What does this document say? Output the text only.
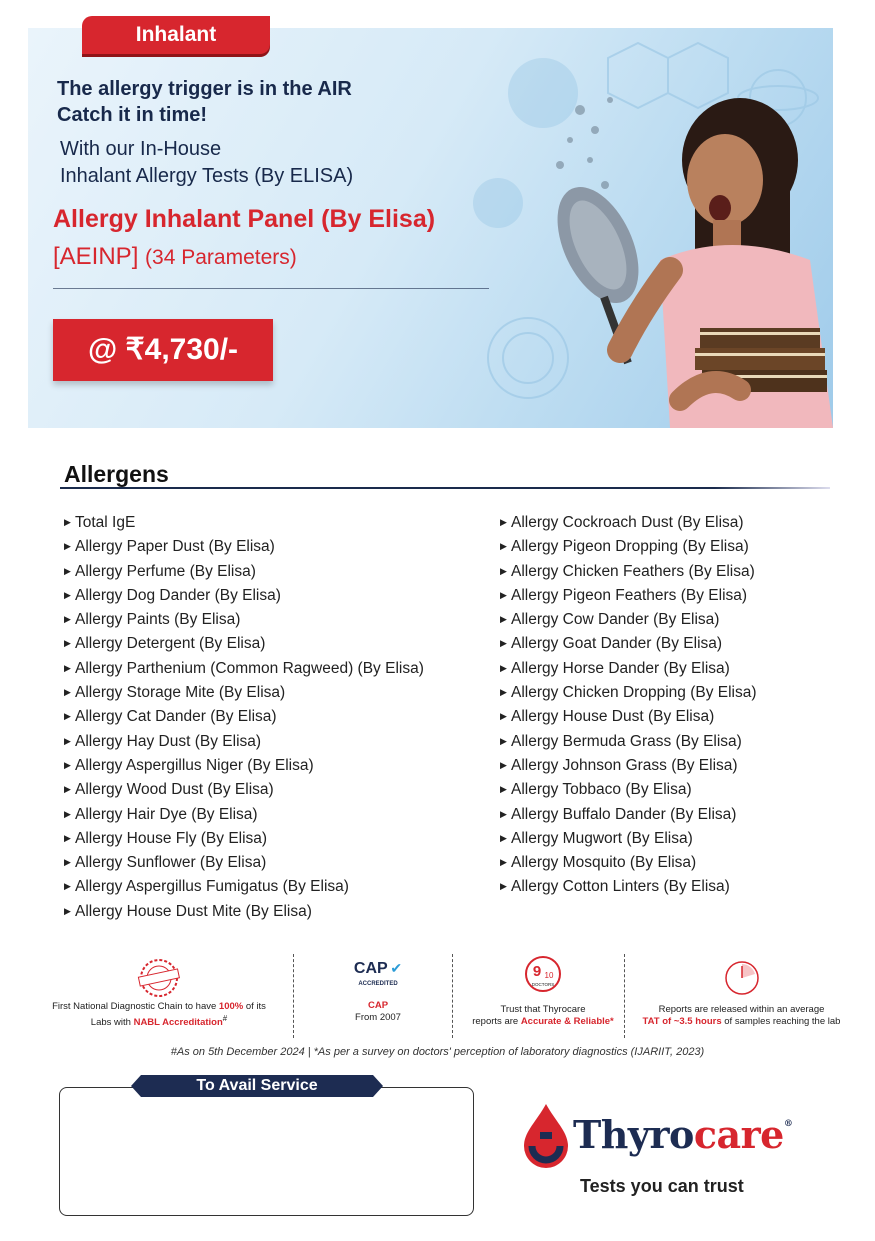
Inhalant
The allergy trigger is in the AIR
Catch it in time!
With our In-House
Inhalant Allergy Tests (By ELISA)
Allergy Inhalant Panel (By Elisa)
[AEINP] (34 Parameters)
@ ₹4,730/-
Allergens
▶ Total IgE
▶ Allergy Paper Dust (By Elisa)
▶ Allergy Perfume (By Elisa)
▶ Allergy Dog Dander (By Elisa)
▶ Allergy Paints (By Elisa)
▶ Allergy Detergent (By Elisa)
▶ Allergy Parthenium (Common Ragweed) (By Elisa)
▶ Allergy Storage Mite (By Elisa)
▶ Allergy Cat Dander (By Elisa)
▶ Allergy Hay Dust (By Elisa)
▶ Allergy Aspergillus Niger (By Elisa)
▶ Allergy Wood Dust (By Elisa)
▶ Allergy Hair Dye (By Elisa)
▶ Allergy House Fly (By Elisa)
▶ Allergy Sunflower (By Elisa)
▶ Allergy Aspergillus Fumigatus (By Elisa)
▶ Allergy House Dust Mite (By Elisa)
▶ Allergy Cockroach Dust (By Elisa)
▶ Allergy Pigeon Dropping (By Elisa)
▶ Allergy Chicken Feathers (By Elisa)
▶ Allergy Pigeon Feathers (By Elisa)
▶ Allergy Cow Dander (By Elisa)
▶ Allergy Goat Dander (By Elisa)
▶ Allergy Horse Dander (By Elisa)
▶ Allergy Chicken Dropping (By Elisa)
▶ Allergy House Dust (By Elisa)
▶ Allergy Bermuda Grass (By Elisa)
▶ Allergy Johnson Grass (By Elisa)
▶ Allergy Tobbaco (By Elisa)
▶ Allergy Buffalo Dander (By Elisa)
▶ Allergy Mugwort (By Elisa)
▶ Allergy Mosquito (By Elisa)
▶ Allergy Cotton Linters (By Elisa)
First National Diagnostic Chain to have 100% of its
Labs with NABL Accreditation#
CAP ✔
ACCREDITED
CAP
From 2007
9 10
DOCTORS
Trust that Thyrocare
reports are Accurate & Reliable*
Reports are released within an average
TAT of ~3.5 hours of samples reaching the lab
#As on 5th December 2024 | *As per a survey on doctors' perception of laboratory diagnostics (IJARIIT, 2023)
To Avail Service
Thyrocare®
Tests you can trust
